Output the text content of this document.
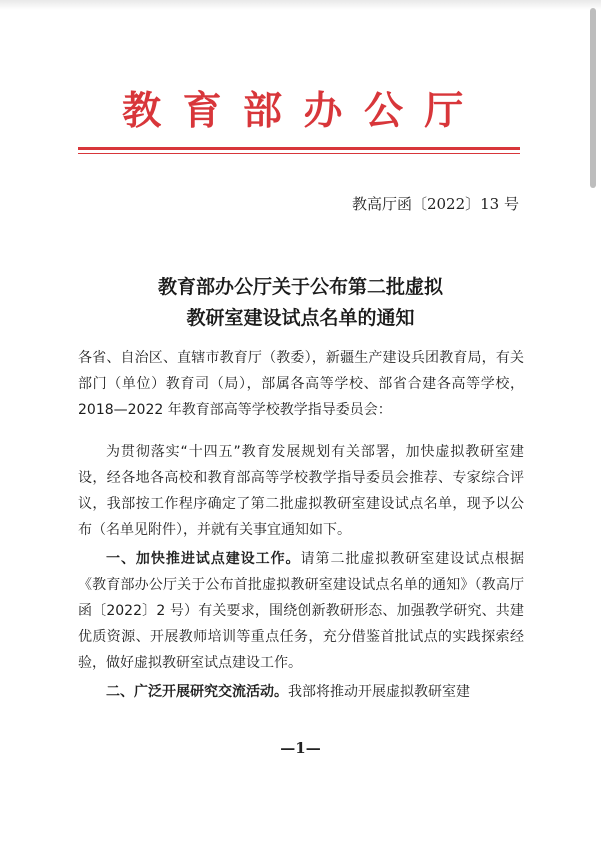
教育部办公厅
教高厅函〔2022〕13 号
教育部办公厅关于公布第二批虚拟
教研室建设试点名单的通知
各省、自治区、直辖市教育厅（教委），新疆生产建设兵团教育局，有关部门（单位）教育司（局），部属各高等学校、部省合建各高等学校，2018—2022 年教育部高等学校教学指导委员会：
为贯彻落实“十四五”教育发展规划有关部署，加快虚拟教研室建设，经各地各高校和教育部高等学校教学指导委员会推荐、专家综合评议，我部按工作程序确定了第二批虚拟教研室建设试点名单，现予以公布（名单见附件），并就有关事宜通知如下。
一、加快推进试点建设工作。请第二批虚拟教研室建设试点根据《教育部办公厅关于公布首批虚拟教研室建设试点名单的通知》（教高厅函〔2022〕2 号）有关要求，围绕创新教研形态、加强教学研究、共建优质资源、开展教师培训等重点任务，充分借鉴首批试点的实践探索经验，做好虚拟教研室试点建设工作。
二、广泛开展研究交流活动。我部将推动开展虚拟教研室建
—1—
